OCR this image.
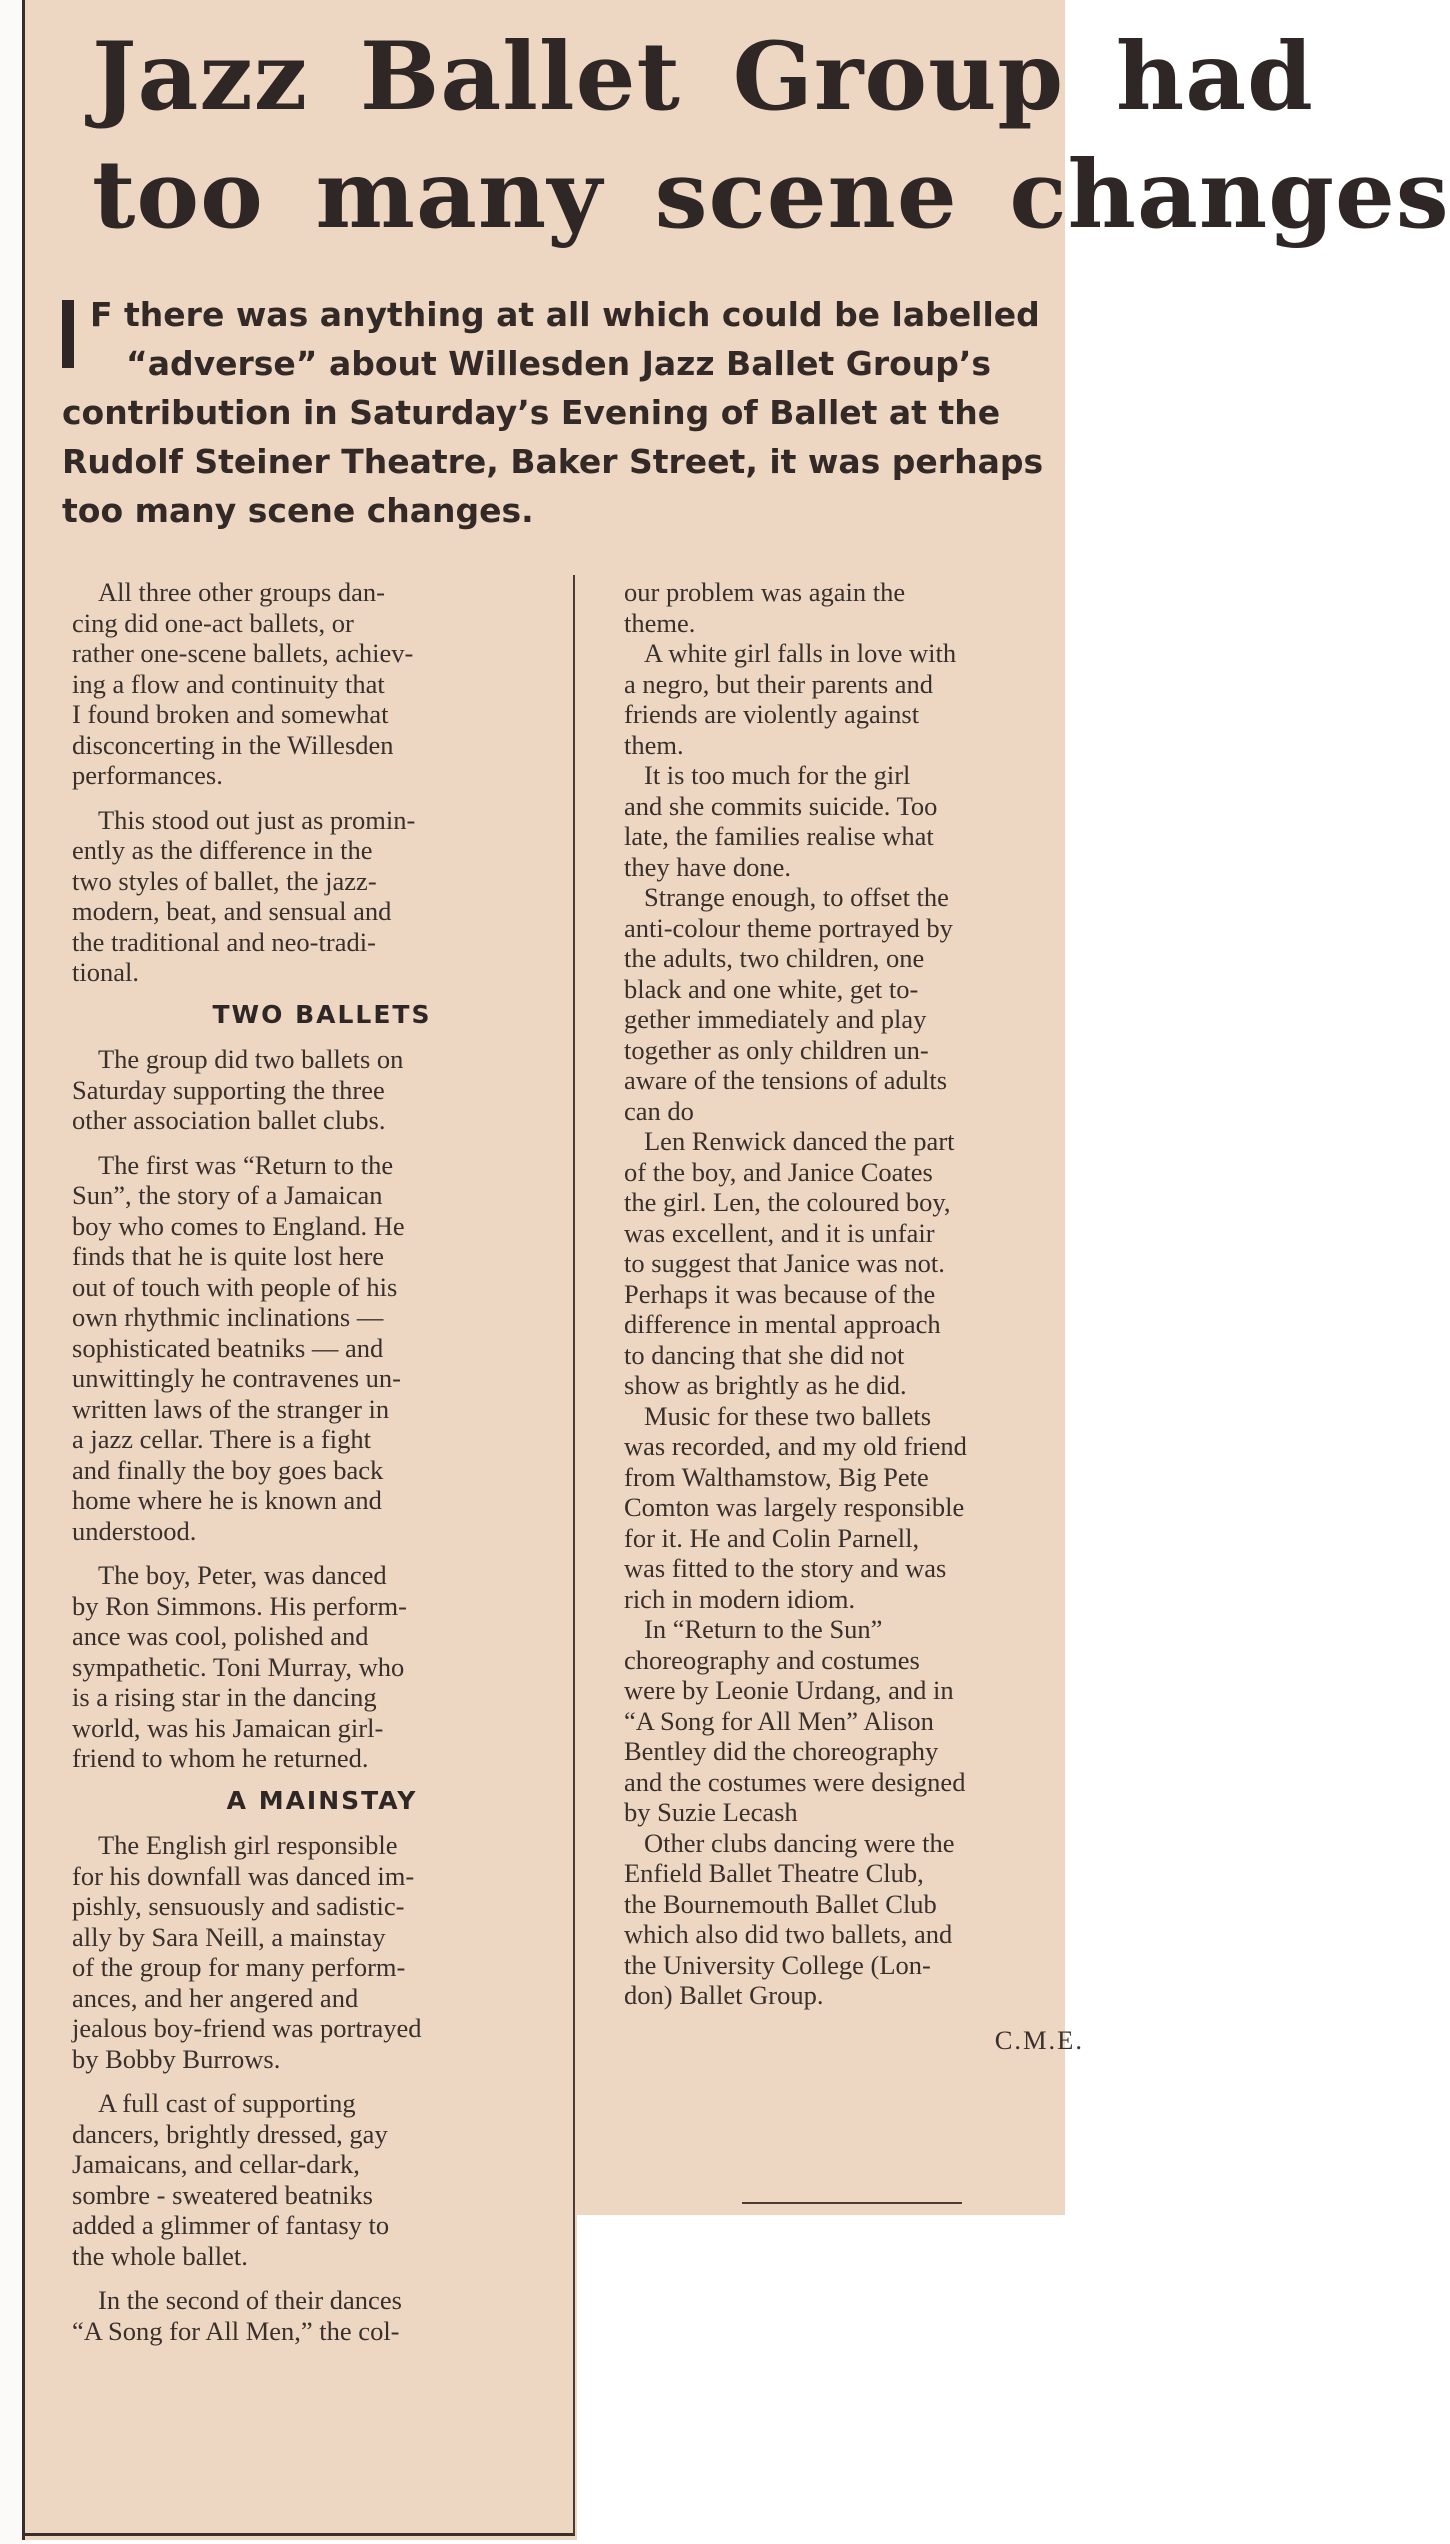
Jazz Ballet Group had
too many scene changes
F there was anything at all which could be labelled
“adverse” about Willesden Jazz Ballet Group’s
contribution in Saturday’s Evening of Ballet at the
Rudolf Steiner Theatre, Baker Street, it was perhaps
too many scene changes.
All three other groups dan-
cing did one-act ballets, or
rather one-scene ballets, achiev-
ing a flow and continuity that
I found broken and somewhat
disconcerting in the Willesden
performances.
This stood out just as promin-
ently as the difference in the
two styles of ballet, the jazz-
modern, beat, and sensual and
the traditional and neo-tradi-
tional.
TWO BALLETS
The group did two ballets on
Saturday supporting the three
other association ballet clubs.
The first was “Return to the
Sun”, the story of a Jamaican
boy who comes to England. He
finds that he is quite lost here
out of touch with people of his
own rhythmic inclinations —
sophisticated beatniks — and
unwittingly he contravenes un-
written laws of the stranger in
a jazz cellar. There is a fight
and finally the boy goes back
home where he is known and
understood.
The boy, Peter, was danced
by Ron Simmons. His perform-
ance was cool, polished and
sympathetic. Toni Murray, who
is a rising star in the dancing
world, was his Jamaican girl-
friend to whom he returned.
A MAINSTAY
The English girl responsible
for his downfall was danced im-
pishly, sensuously and sadistic-
ally by Sara Neill, a mainstay
of the group for many perform-
ances, and her angered and
jealous boy-friend was portrayed
by Bobby Burrows.
A full cast of supporting
dancers, brightly dressed, gay
Jamaicans, and cellar-dark,
sombre - sweatered beatniks
added a glimmer of fantasy to
the whole ballet.
In the second of their dances
“A Song for All Men,” the col-
our problem was again the
theme.
A white girl falls in love with
a negro, but their parents and
friends are violently against
them.
It is too much for the girl
and she commits suicide. Too
late, the families realise what
they have done.
Strange enough, to offset the
anti-colour theme portrayed by
the adults, two children, one
black and one white, get to-
gether immediately and play
together as only children un-
aware of the tensions of adults
can do
Len Renwick danced the part
of the boy, and Janice Coates
the girl. Len, the coloured boy,
was excellent, and it is unfair
to suggest that Janice was not.
Perhaps it was because of the
difference in mental approach
to dancing that she did not
show as brightly as he did.
Music for these two ballets
was recorded, and my old friend
from Walthamstow, Big Pete
Comton was largely responsible
for it. He and Colin Parnell,
was fitted to the story and was
rich in modern idiom.
In “Return to the Sun”
choreography and costumes
were by Leonie Urdang, and in
“A Song for All Men” Alison
Bentley did the choreography
and the costumes were designed
by Suzie Lecash
Other clubs dancing were the
Enfield Ballet Theatre Club,
the Bournemouth Ballet Club
which also did two ballets, and
the University College (Lon-
don) Ballet Group.
C.M.E.
